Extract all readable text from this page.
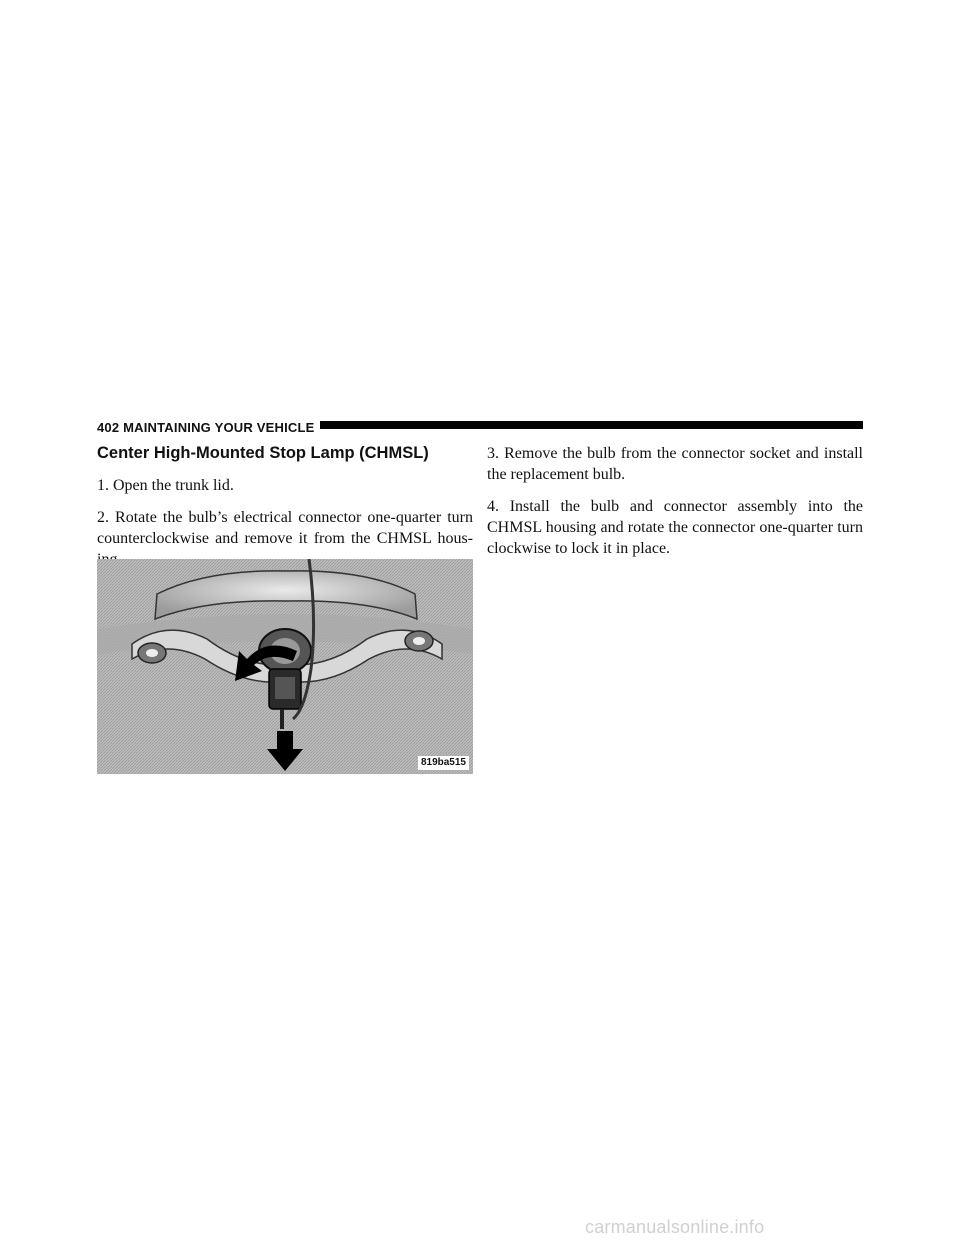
402 MAINTAINING YOUR VEHICLE
Center High-Mounted Stop Lamp (CHMSL)

1. Open the trunk lid.

2. Rotate the bulb’s electrical connector one-quarter turn counterclockwise and remove it from the CHMSL hous

819ba515

3. Remove the bulb from the connector socket and install the replacement bulb.

4. Install the bulb and connector assembly into the CHMSL housing and rotate the connector one-quarter turn clockwise to lock it in place.

carmanualsonline.info
